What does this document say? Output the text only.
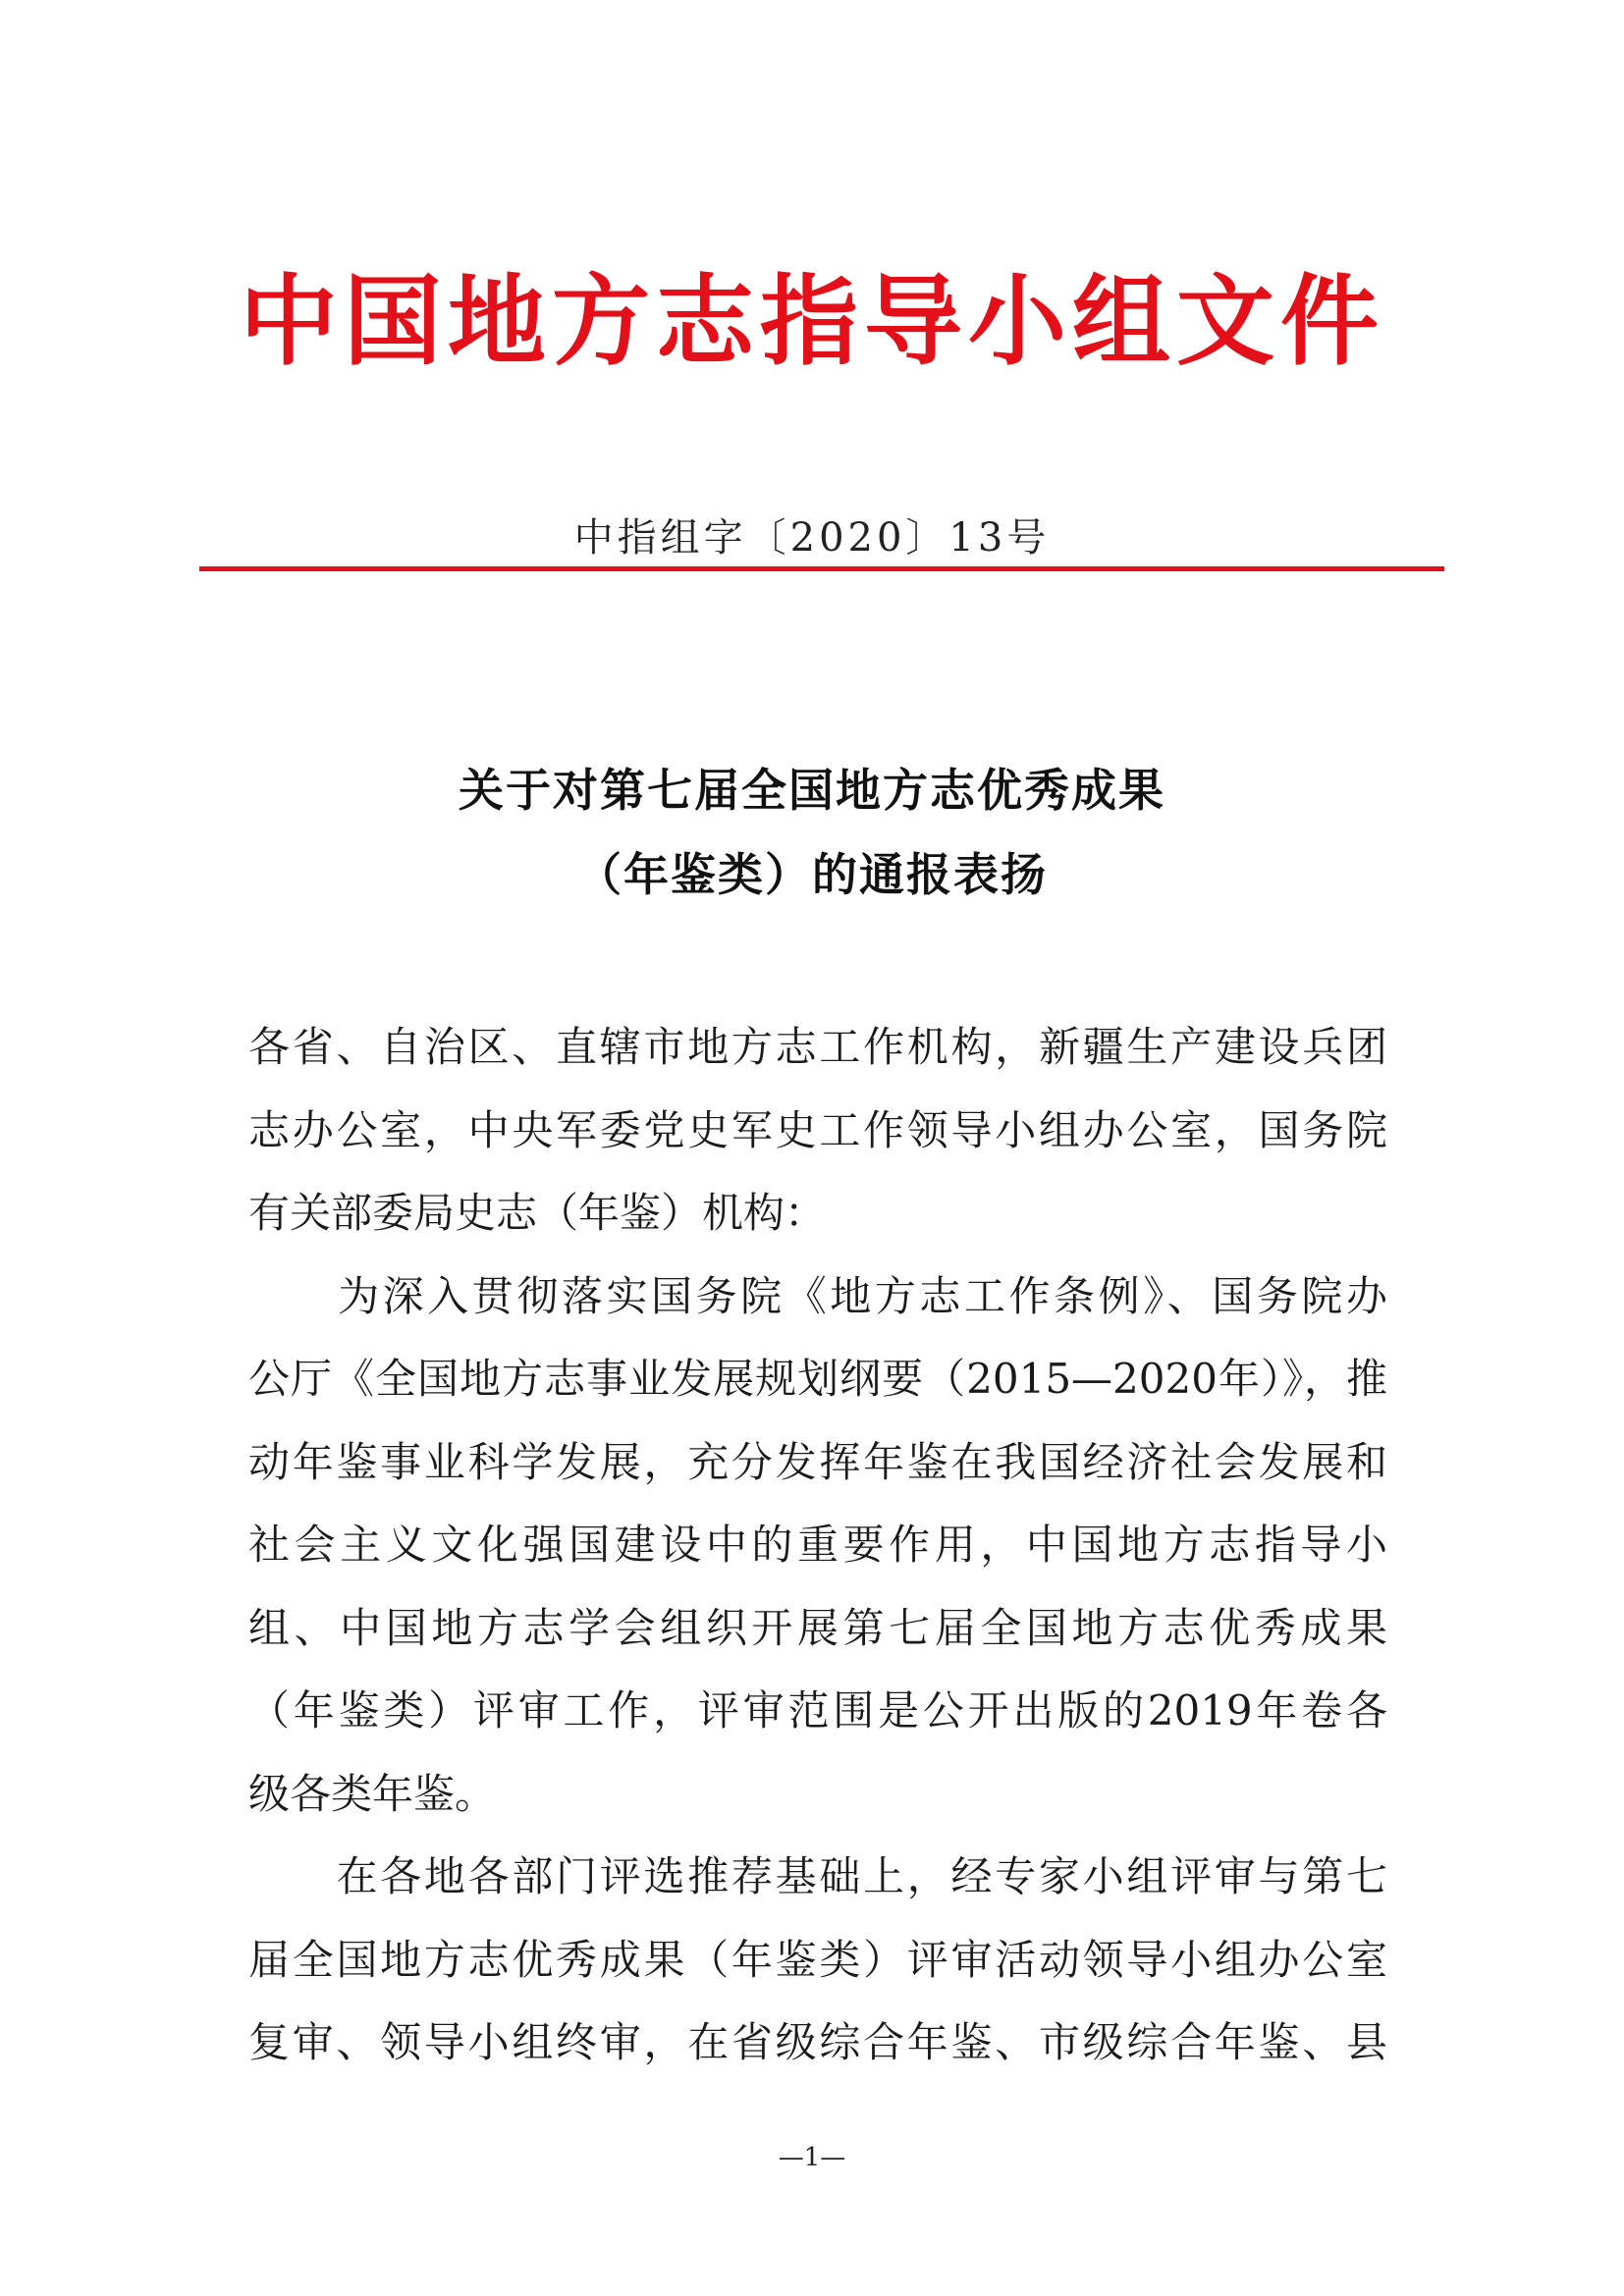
中国地方志指导小组文件
中指组字〔2020〕13号
关于对第七届全国地方志优秀成果
（年鉴类）的通报表扬
各省、自治区、直辖市地方志工作机构，新疆生产建设兵团
志办公室，中央军委党史军史工作领导小组办公室，国务院
有关部委局史志（年鉴）机构：
　　为深入贯彻落实国务院《地方志工作条例》、国务院办
公厅《全国地方志事业发展规划纲要（2015—2020年）》，推
动年鉴事业科学发展，充分发挥年鉴在我国经济社会发展和
社会主义文化强国建设中的重要作用，中国地方志指导小
组、中国地方志学会组织开展第七届全国地方志优秀成果
（年鉴类）评审工作，评审范围是公开出版的2019年卷各
级各类年鉴。
　　在各地各部门评选推荐基础上，经专家小组评审与第七
届全国地方志优秀成果（年鉴类）评审活动领导小组办公室
复审、领导小组终审，在省级综合年鉴、市级综合年鉴、县
—1—
